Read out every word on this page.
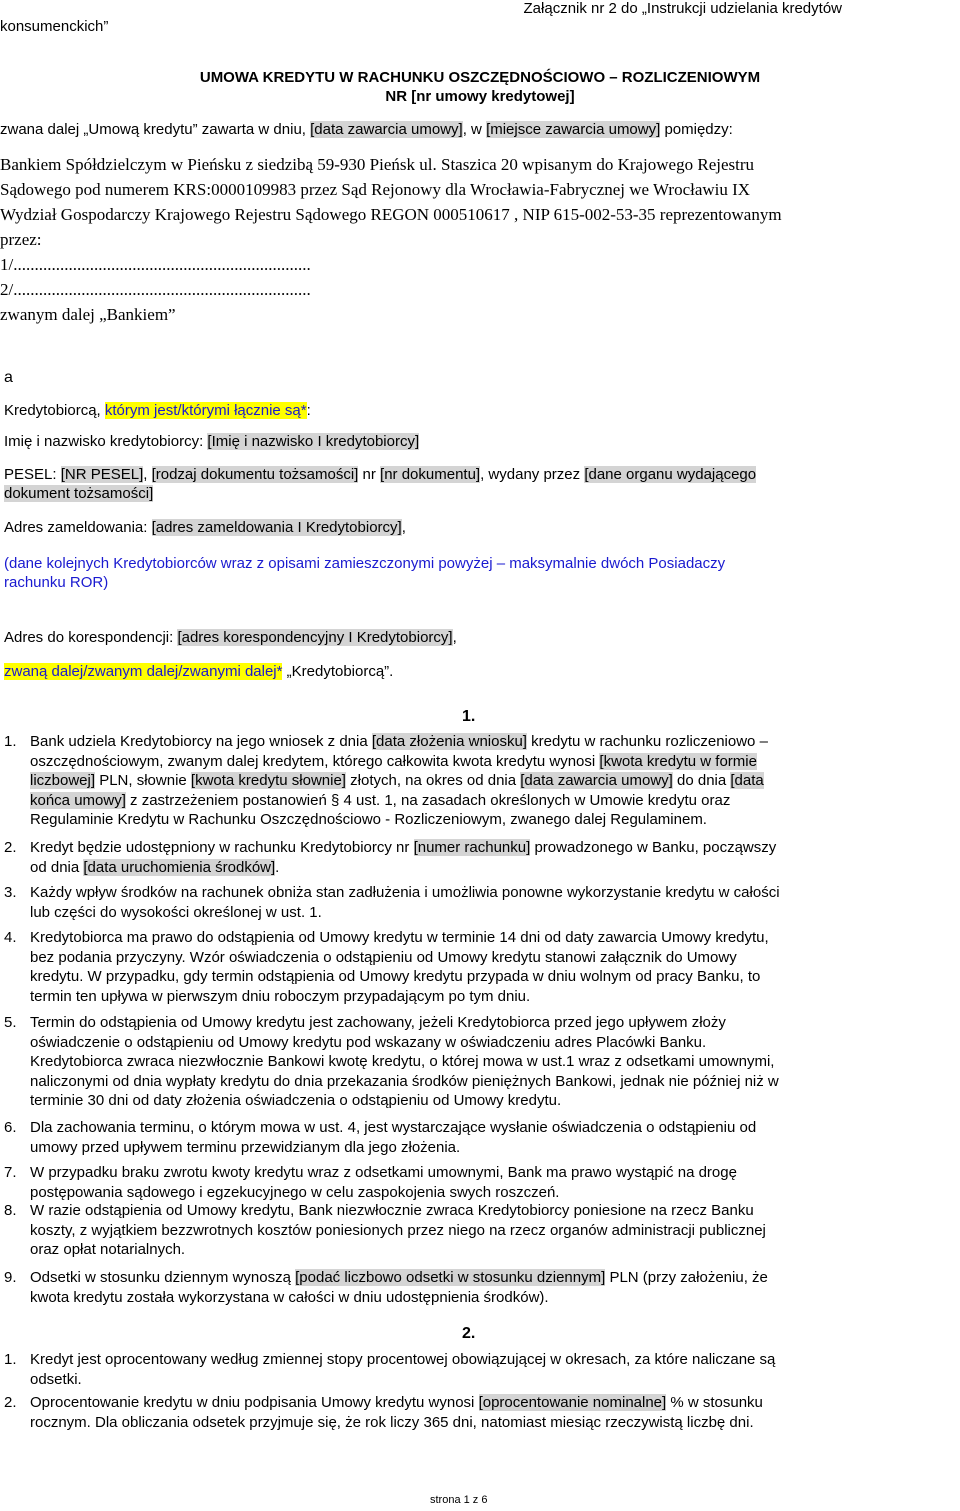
konsumenckich”
Załącznik nr 2 do „Instrukcji udzielania kredytów
UMOWA KREDYTU W RACHUNKU OSZCZĘDNOŚCIOWO – ROZLICZENIOWYM
NR [nr umowy kredytowej]
zwana dalej „Umową kredytu” zawarta w dniu, [data zawarcia umowy], w [miejsce zawarcia umowy] pomiędzy:
Bankiem Spółdzielczym w Pieńsku z siedzibą 59-930 Pieńsk ul. Staszica 20 wpisanym do Krajowego Rejestru
Sądowego pod numerem KRS:0000109983 przez Sąd Rejonowy dla Wrocławia-Fabrycznej we Wrocławiu IX
Wydział Gospodarczy Krajowego Rejestru Sądowego REGON 000510617 , NIP 615-002-53-35 reprezentowanym
przez:
1/......................................................................
2/......................................................................
zwanym dalej „Bankiem”
a
Kredytobiorcą, którym jest/którymi łącznie są*:
Imię i nazwisko kredytobiorcy: [Imię i nazwisko I kredytobiorcy]
PESEL: [NR PESEL], [rodzaj dokumentu tożsamości] nr [nr dokumentu], wydany przez [dane organu wydającego
dokument tożsamości]
Adres zameldowania: [adres zameldowania I Kredytobiorcy],
(dane kolejnych Kredytobiorców wraz z opisami zamieszczonymi powyżej – maksymalnie dwóch Posiadaczy
rachunku ROR)
Adres do korespondencji: [adres korespondencyjny I Kredytobiorcy],
zwaną dalej/zwanym dalej/zwanymi dalej* „Kredytobiorcą”.
1.
1. Bank udziela Kredytobiorcy na jego wniosek z dnia [data złożenia wniosku] kredytu w rachunku rozliczeniowo –
oszczędnościowym, zwanym dalej kredytem, którego całkowita kwota kredytu wynosi [kwota kredytu w formie
liczbowej] PLN, słownie [kwota kredytu słownie] złotych, na okres od dnia [data zawarcia umowy] do dnia [data
końca umowy] z zastrzeżeniem postanowień § 4 ust. 1, na zasadach określonych w Umowie kredytu oraz
Regulaminie Kredytu w Rachunku Oszczędnościowo - Rozliczeniowym, zwanego dalej Regulaminem.
2. Kredyt będzie udostępniony w rachunku Kredytobiorcy nr [numer rachunku] prowadzonego w Banku, począwszy
od dnia [data uruchomienia środków].
3. Każdy wpływ środków na rachunek obniża stan zadłużenia i umożliwia ponowne wykorzystanie kredytu w całości
lub części do wysokości określonej w ust. 1.
4. Kredytobiorca ma prawo do odstąpienia od Umowy kredytu w terminie 14 dni od daty zawarcia Umowy kredytu,
bez podania przyczyny. Wzór oświadczenia o odstąpieniu od Umowy kredytu stanowi załącznik do Umowy
kredytu. W przypadku, gdy termin odstąpienia od Umowy kredytu przypada w dniu wolnym od pracy Banku, to
termin ten upływa w pierwszym dniu roboczym przypadającym po tym dniu.
5. Termin do odstąpienia od Umowy kredytu jest zachowany, jeżeli Kredytobiorca przed jego upływem złoży
oświadczenie o odstąpieniu od Umowy kredytu pod wskazany w oświadczeniu adres Placówki Banku.
Kredytobiorca zwraca niezwłocznie Bankowi kwotę kredytu, o której mowa w ust.1 wraz z odsetkami umownymi,
naliczonymi od dnia wypłaty kredytu do dnia przekazania środków pieniężnych Bankowi, jednak nie później niż w
terminie 30 dni od daty złożenia oświadczenia o odstąpieniu od Umowy kredytu.
6. Dla zachowania terminu, o którym mowa w ust. 4, jest wystarczające wysłanie oświadczenia o odstąpieniu od
umowy przed upływem terminu przewidzianym dla jego złożenia.
7. W przypadku braku zwrotu kwoty kredytu wraz z odsetkami umownymi, Bank ma prawo wystąpić na drogę
postępowania sądowego i egzekucyjnego w celu zaspokojenia swych roszczeń.
8. W razie odstąpienia od Umowy kredytu, Bank niezwłocznie zwraca Kredytobiorcy poniesione na rzecz Banku
koszty, z wyjątkiem bezzwrotnych kosztów poniesionych przez niego na rzecz organów administracji publicznej
oraz opłat notarialnych.
9. Odsetki w stosunku dziennym wynoszą [podać liczbowo odsetki w stosunku dziennym] PLN (przy założeniu, że
kwota kredytu została wykorzystana w całości w dniu udostępnienia środków).
2.
1. Kredyt jest oprocentowany według zmiennej stopy procentowej obowiązującej w okresach, za które naliczane są
odsetki.
2. Oprocentowanie kredytu w dniu podpisania Umowy kredytu wynosi [oprocentowanie nominalne] % w stosunku
rocznym. Dla obliczania odsetek przyjmuje się, że rok liczy 365 dni, natomiast miesiąc rzeczywistą liczbę dni.
strona 1 z 6
